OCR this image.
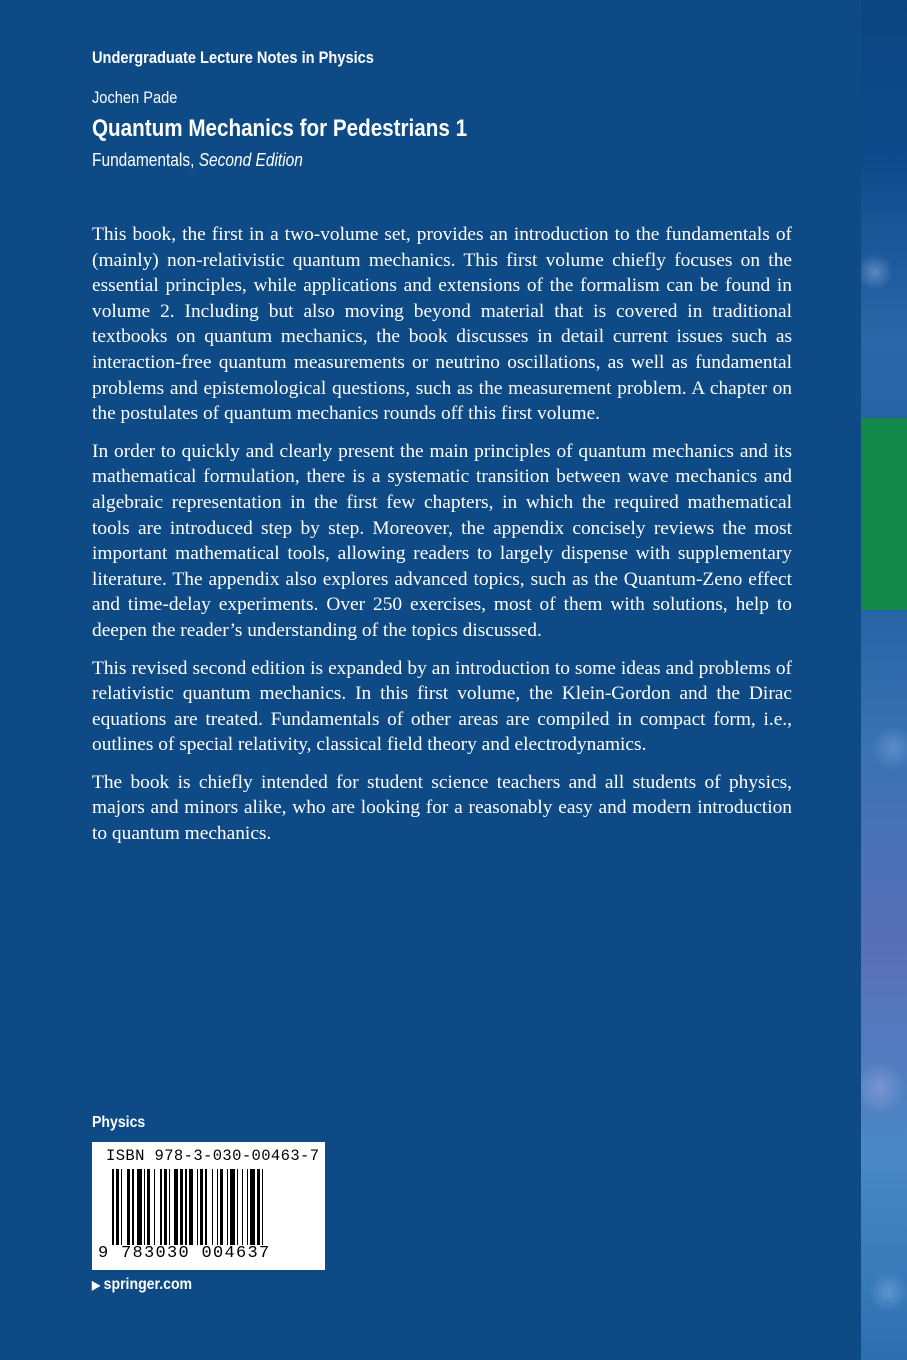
Undergraduate Lecture Notes in Physics
Jochen Pade
Quantum Mechanics for Pedestrians 1
Fundamentals, Second Edition

This book, the first in a two-volume set, provides an introduction to the fundamentals of (mainly) non-relativistic quantum mechanics. This first volume chiefly focuses on the essential principles, while applications and extensions of the formalism can be found in volume 2. Including but also moving beyond material that is covered in traditional textbooks on quantum mechanics, the book discusses in detail current issues such as interaction-free quantum measurements or neutrino oscillations, as well as fundamental problems and epistemological questions, such as the measurement problem. A chapter on the postulates of quantum mechanics rounds off this first volume.

In order to quickly and clearly present the main principles of quantum mechanics and its mathematical formulation, there is a systematic transition between wave mechanics and algebraic representation in the first few chapters, in which the required mathematical tools are introduced step by step. Moreover, the appendix concisely reviews the most important mathematical tools, allowing readers to largely dispense with supplementary literature. The appendix also explores advanced topics, such as the Quantum-Zeno effect and time-delay experiments. Over 250 exercises, most of them with solutions, help to deepen the reader’s understanding of the topics discussed.

This revised second edition is expanded by an introduction to some ideas and problems of relativistic quantum mechanics. In this first volume, the Klein-Gordon and the Dirac equations are treated. Fundamentals of other areas are compiled in compact form, i.e., outlines of special relativity, classical field theory and electrodynamics.

The book is chiefly intended for student science teachers and all students of physics, majors and minors alike, who are looking for a reasonably easy and modern introduction to quantum mechanics.

Physics
ISBN 978-3-030-00463-7
9 783030 004637
▶ springer.com
